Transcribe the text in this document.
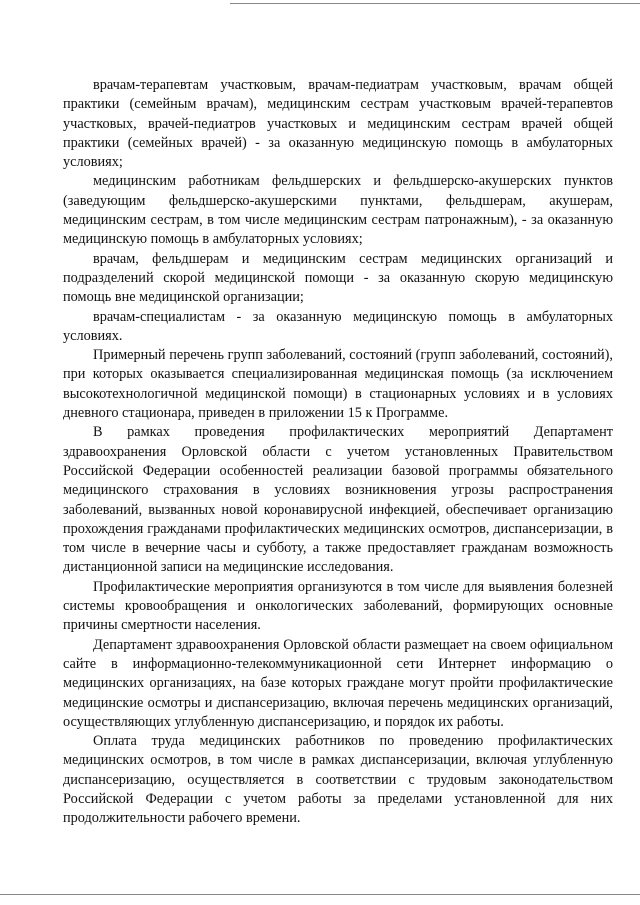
врачам-терапевтам участковым, врачам-педиатрам участковым, врачам общей практики (семейным врачам), медицинским сестрам участковым врачей-терапевтов участковых, врачей-педиатров участковых и медицинским сестрам врачей общей практики (семейных врачей) - за оказанную медицинскую помощь в амбулаторных условиях;

медицинским работникам фельдшерских и фельдшерско-акушерских пунктов (заведующим фельдшерско-акушерскими пунктами, фельдшерам, акушерам, медицинским сестрам, в том числе медицинским сестрам патронажным), - за оказанную медицинскую помощь в амбулаторных условиях;

врачам, фельдшерам и медицинским сестрам медицинских организаций и подразделений скорой медицинской помощи - за оказанную скорую медицинскую помощь вне медицинской организации;

врачам-специалистам - за оказанную медицинскую помощь в амбулаторных условиях.

Примерный перечень групп заболеваний, состояний (групп заболеваний, состояний), при которых оказывается специализированная медицинская помощь (за исключением высокотехнологичной медицинской помощи) в стационарных условиях и в условиях дневного стационара, приведен в приложении 15 к Программе.

В рамках проведения профилактических мероприятий Департамент здравоохранения Орловской области с учетом установленных Правительством Российской Федерации особенностей реализации базовой программы обязательного медицинского страхования в условиях возникновения угрозы распространения заболеваний, вызванных новой коронавирусной инфекцией, обеспечивает организацию прохождения гражданами профилактических медицинских осмотров, диспансеризации, в том числе в вечерние часы и субботу, а также предоставляет гражданам возможность дистанционной записи на медицинские исследования.

Профилактические мероприятия организуются в том числе для выявления болезней системы кровообращения и онкологических заболеваний, формирующих основные причины смертности населения.

Департамент здравоохранения Орловской области размещает на своем официальном сайте в информационно-телекоммуникационной сети Интернет информацию о медицинских организациях, на базе которых граждане могут пройти профилактические медицинские осмотры и диспансеризацию, включая перечень медицинских организаций, осуществляющих углубленную диспансеризацию, и порядок их работы.

Оплата труда медицинских работников по проведению профилактических медицинских осмотров, в том числе в рамках диспансеризации, включая углубленную диспансеризацию, осуществляется в соответствии с трудовым законодательством Российской Федерации с учетом работы за пределами установленной для них продолжительности рабочего времени.
